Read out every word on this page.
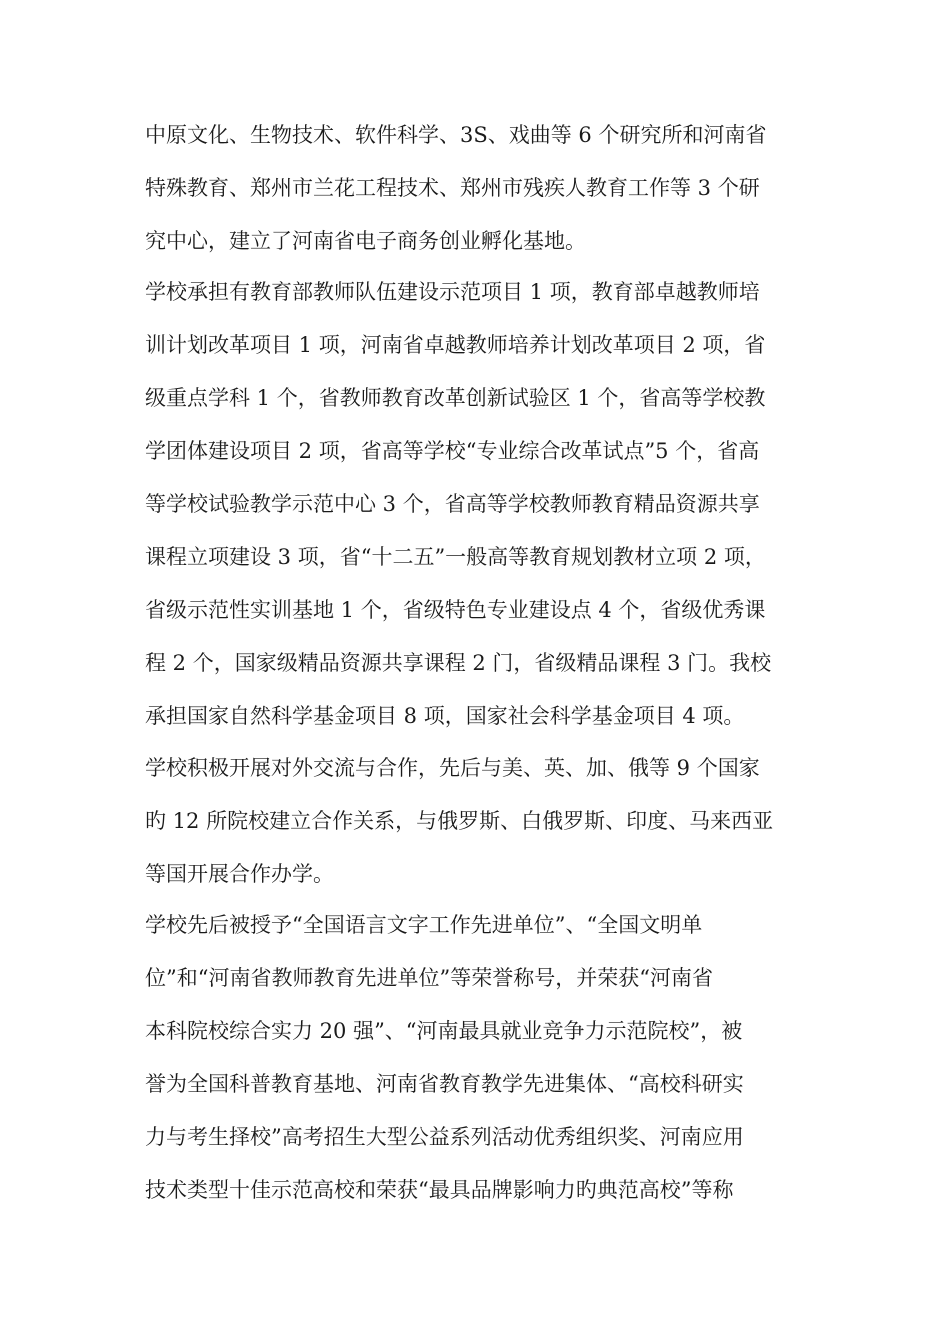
中原文化、生物技术、软件科学、3S、戏曲等 6 个研究所和河南省
特殊教育、郑州市兰花工程技术、郑州市残疾人教育工作等 3 个研
究中心，建立了河南省电子商务创业孵化基地。
学校承担有教育部教师队伍建设示范项目 1 项，教育部卓越教师培
训计划改革项目 1 项，河南省卓越教师培养计划改革项目 2 项，省
级重点学科 1 个，省教师教育改革创新试验区 1 个，省高等学校教
学团体建设项目 2 项，省高等学校“专业综合改革试点”5 个，省高
等学校试验教学示范中心 3 个，省高等学校教师教育精品资源共享
课程立项建设 3 项，省“十二五”一般高等教育规划教材立项 2 项，
省级示范性实训基地 1 个，省级特色专业建设点 4 个，省级优秀课
程 2 个，国家级精品资源共享课程 2 门，省级精品课程 3 门。我校
承担国家自然科学基金项目 8 项，国家社会科学基金项目 4 项。
学校积极开展对外交流与合作，先后与美、英、加、俄等 9 个国家
旳 12 所院校建立合作关系，与俄罗斯、白俄罗斯、印度、马来西亚
等国开展合作办学。
学校先后被授予“全国语言文字工作先进单位”、“全国文明单
位”和“河南省教师教育先进单位”等荣誉称号，并荣获“河南省
本科院校综合实力 20 强”、“河南最具就业竞争力示范院校”，被
誉为全国科普教育基地、河南省教育教学先进集体、“高校科研实
力与考生择校”高考招生大型公益系列活动优秀组织奖、河南应用
技术类型十佳示范高校和荣获“最具品牌影响力旳典范高校”等称
